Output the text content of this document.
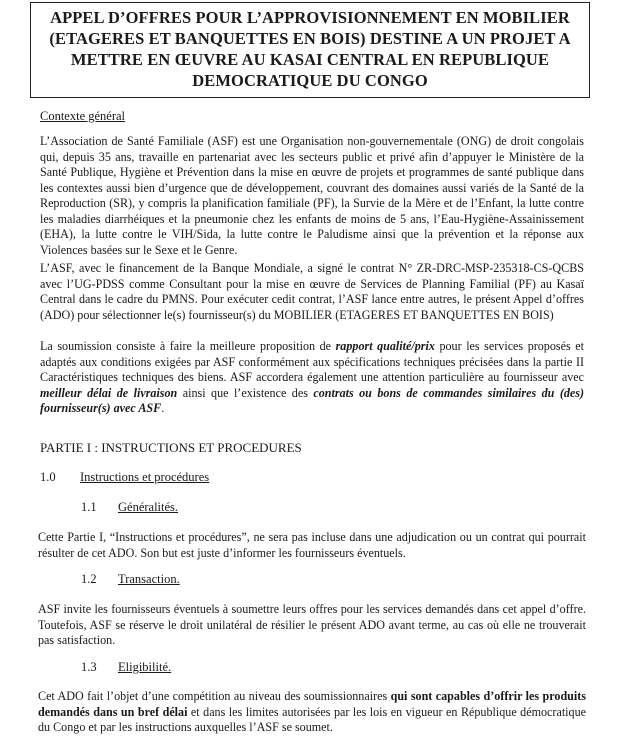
APPEL D’OFFRES POUR L’APPROVISIONNEMENT EN MOBILIER
(ETAGERES ET BANQUETTES EN BOIS) DESTINE A UN PROJET A
METTRE EN ŒUVRE AU KASAI CENTRAL EN REPUBLIQUE
DEMOCRATIQUE DU CONGO
Contexte général

L’Association de Santé Familiale (ASF) est une Organisation non-gouvernementale (ONG) de droit congolais qui, depuis 35 ans, travaille en partenariat avec les secteurs public et privé afin d’appuyer le Ministère de la Santé Publique, Hygiène et Prévention dans la mise en œuvre de projets et programmes de santé publique dans les contextes aussi bien d’urgence que de développement, couvrant des domaines aussi variés de la Santé de la Reproduction (SR), y compris la planification familiale (PF), la Survie de la Mère et de l’Enfant, la lutte contre les maladies diarrhéiques et la pneumonie chez les enfants de moins de 5 ans, l’Eau-Hygiène-Assainissement (EHA), la lutte contre le VIH/Sida, la lutte contre le Paludisme ainsi que la prévention et la réponse aux Violences basées sur le Sexe et le Genre.

L’ASF, avec le financement de la Banque Mondiale, a signé le contrat N° ZR-DRC-MSP-235318-CS-QCBS avec l’UG-PDSS comme Consultant pour la mise en œuvre de Services de Planning Familial (PF) au Kasaï Central dans le cadre du PMNS. Pour exécuter cedit contrat, l’ASF lance entre autres, le présent Appel d’offres (ADO) pour sélectionner le(s) fournisseur(s) du MOBILIER (ETAGERES ET BANQUETTES EN BOIS)

La soumission consiste à faire la meilleure proposition de rapport qualité/prix pour les services proposés et adaptés aux conditions exigées par ASF conformément aux spécifications techniques précisées dans la partie II Caractéristiques techniques des biens. ASF accordera également une attention particulière au fournisseur avec meilleur délai de livraison ainsi que l’existence des contrats ou bons de commandes similaires du (des) fournisseur(s) avec ASF.

PARTIE I : INSTRUCTIONS ET PROCEDURES
1.0 Instructions et procédures
1.1 Généralités.

Cette Partie I, “Instructions et procédures”, ne sera pas incluse dans une adjudication ou un contrat qui pourrait résulter de cet ADO. Son but est juste d’informer les fournisseurs éventuels.

1.2 Transaction.

ASF invite les fournisseurs éventuels à soumettre leurs offres pour les services demandés dans cet appel d’offre. Toutefois, ASF se réserve le droit unilatéral de résilier le présent ADO avant terme, au cas où elle ne trouverait pas satisfaction.

1.3 Eligibilité.

Cet ADO fait l’objet d’une compétition au niveau des soumissionnaires qui sont capables d’offrir les produits demandés dans un bref délai et dans les limites autorisées par les lois en vigueur en République démocratique du Congo et par les instructions auxquelles l’ASF se soumet.
